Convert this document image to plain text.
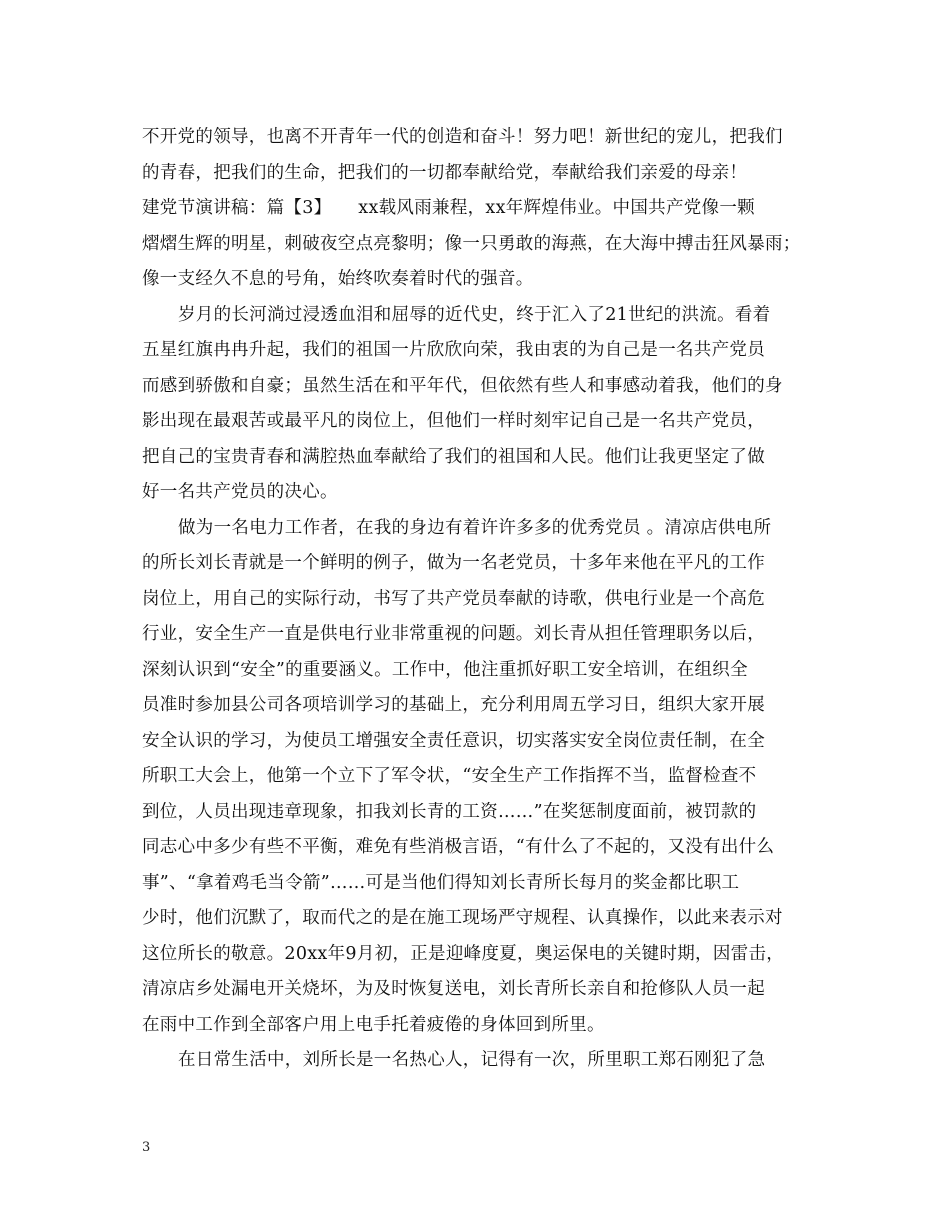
不开党的领导，也离不开青年一代的创造和奋斗！努力吧！新世纪的宠儿，把我们
的青春，把我们的生命，把我们的一切都奉献给党，奉献给我们亲爱的母亲！
建党节演讲稿：篇【3】　　xx载风雨兼程，xx年辉煌伟业。中国共产党像一颗
熠熠生辉的明星，刺破夜空点亮黎明；像一只勇敢的海燕，在大海中搏击狂风暴雨；
像一支经久不息的号角，始终吹奏着时代的强音。
岁月的长河淌过浸透血泪和屈辱的近代史，终于汇入了21世纪的洪流。看着
五星红旗冉冉升起，我们的祖国一片欣欣向荣，我由衷的为自己是一名共产党员
而感到骄傲和自豪；虽然生活在和平年代，但依然有些人和事感动着我，他们的身
影出现在最艰苦或最平凡的岗位上，但他们一样时刻牢记自己是一名共产党员，
把自己的宝贵青春和满腔热血奉献给了我们的祖国和人民。他们让我更坚定了做
好一名共产党员的决心。
做为一名电力工作者，在我的身边有着许许多多的优秀党员 。清凉店供电所
的所长刘长青就是一个鲜明的例子，做为一名老党员，十多年来他在平凡的工作
岗位上，用自己的实际行动，书写了共产党员奉献的诗歌，供电行业是一个高危
行业，安全生产一直是供电行业非常重视的问题。刘长青从担任管理职务以后，
深刻认识到“安全”的重要涵义。工作中，他注重抓好职工安全培训，在组织全
员准时参加县公司各项培训学习的基础上，充分利用周五学习日，组织大家开展
安全认识的学习，为使员工增强安全责任意识，切实落实安全岗位责任制，在全
所职工大会上，他第一个立下了军令状，“安全生产工作指挥不当，监督检查不
到位，人员出现违章现象，扣我刘长青的工资……”在奖惩制度面前，被罚款的
同志心中多少有些不平衡，难免有些消极言语，“有什么了不起的，又没有出什么
事”、“拿着鸡毛当令箭”……可是当他们得知刘长青所长每月的奖金都比职工
少时，他们沉默了，取而代之的是在施工现场严守规程、认真操作，以此来表示对
这位所长的敬意。20xx年9月初，正是迎峰度夏，奥运保电的关键时期，因雷击，
清凉店乡处漏电开关烧坏，为及时恢复送电，刘长青所长亲自和抢修队人员一起
在雨中工作到全部客户用上电手托着疲倦的身体回到所里。
在日常生活中，刘所长是一名热心人，记得有一次，所里职工郑石刚犯了急
3
